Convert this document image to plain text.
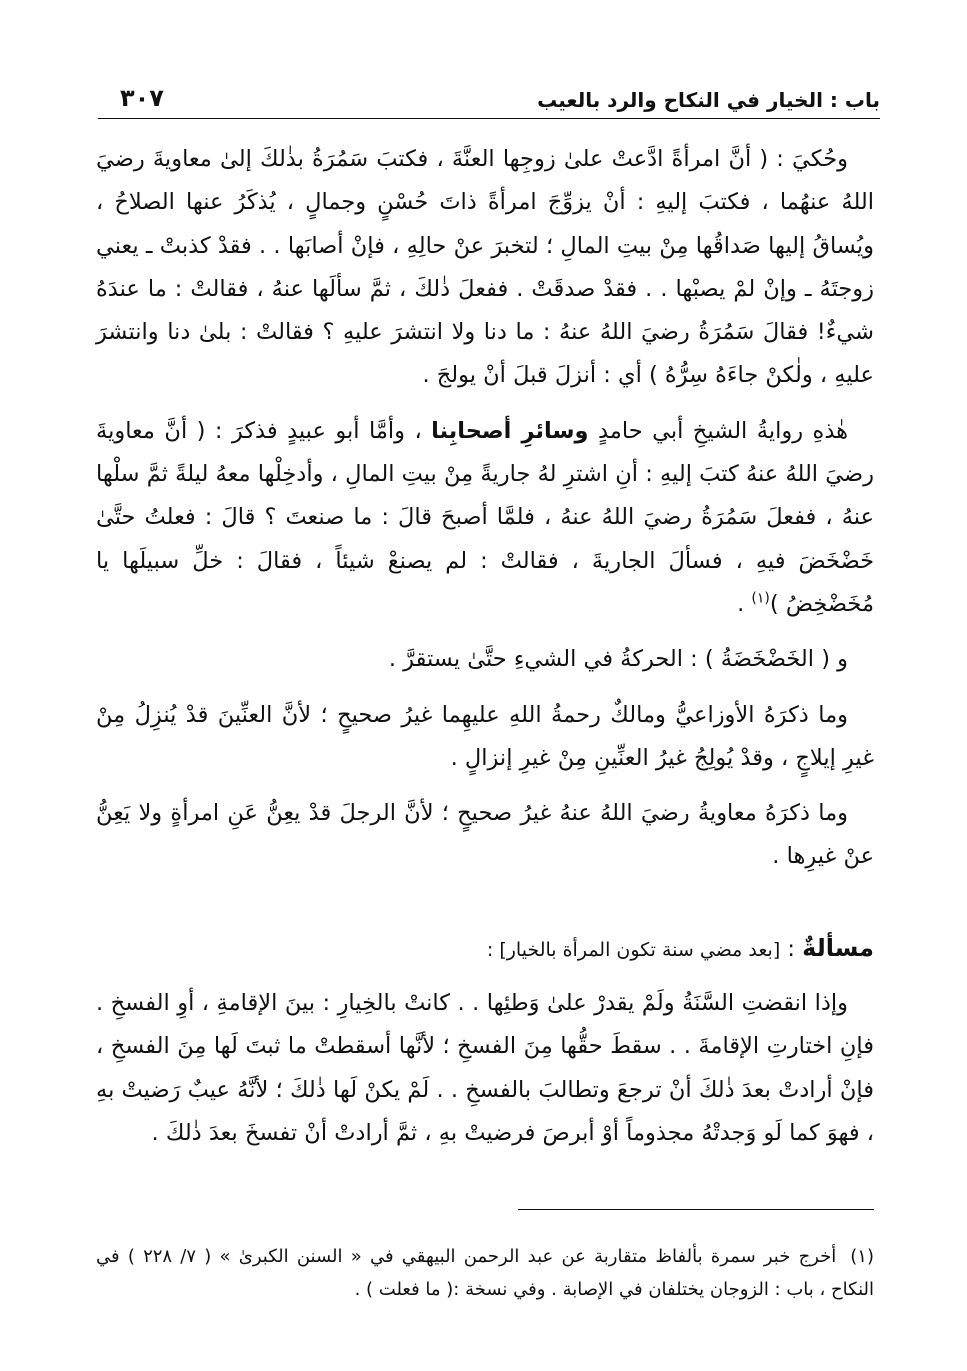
باب : الخيار في النكاح والرد بالعيب
٣٠٧

وحُكيَ : ( أنَّ امرأةً ادَّعتْ علىٰ زوجِها العنَّةَ ، فكتبَ سَمُرَةُ بذٰلكَ إلىٰ معاويةَ رضيَ اللهُ عنهُما ، فكتبَ إليهِ : أنْ يزوِّجَ امرأةً ذاتَ حُسْنٍ وجمالٍ ، يُذكَرُ عنها الصلاحُ ، ويُساقُ إليها صَداقُها مِنْ بيتِ المالِ ؛ لتخبرَ عنْ حالِهِ ، فإنْ أصابَها . . فقدْ كذبتْ ـ يعني زوجتَهُ ـ وإنْ لمْ يصبْها . . فقدْ صدقَتْ . ففعلَ ذٰلكَ ، ثمَّ سألَها عنهُ ، فقالتْ : ما عندَهُ شيءٌ! فقالَ سَمُرَةُ رضيَ اللهُ عنهُ : ما دنا ولا انتشرَ عليهِ ؟ فقالتْ : بلىٰ دنا وانتشرَ عليهِ ، ولٰكنْ جاءَهُ سِرُّهُ ) أي : أنزلَ قبلَ أنْ يولجَ .

هٰذهِ روايةُ الشيخِ أبي حامدٍ وسائرِ أصحابِنا ، وأمَّا أبو عبيدٍ فذكرَ : ( أنَّ معاويةَ رضيَ اللهُ عنهُ كتبَ إليهِ : أنِ اشترِ لهُ جاريةً مِنْ بيتِ المالِ ، وأدخِلْها معهُ ليلةً ثمَّ سلْها عنهُ ، ففعلَ سَمُرَةُ رضيَ اللهُ عنهُ ، فلمَّا أصبحَ قالَ : ما صنعتَ ؟ قالَ : فعلتُ حتَّىٰ خَضْخَضَ فيهِ ، فسألَ الجاريةَ ، فقالتْ : لم يصنعْ شيئاً ، فقالَ : خلِّ سبيلَها يا مُخَضْخِضُ )$^{(١)}$ .

و ( الخَضْخَضَةُ ) : الحركةُ في الشيءِ حتَّىٰ يستقرَّ .

وما ذكرَهُ الأوزاعيُّ ومالكٌ رحمةُ اللهِ عليهِما غيرُ صحيحٍ ؛ لأنَّ العنِّينَ قدْ يُنزِلُ مِنْ غيرِ إيلاجٍ ، وقدْ يُولِجُ غيرُ العنِّينِ مِنْ غيرِ إنزالٍ .

وما ذكرَهُ معاويةُ رضيَ اللهُ عنهُ غيرُ صحيحٍ ؛ لأنَّ الرجلَ قدْ يعِنُّ عَنِ امرأةٍ ولا يَعِنُّ عنْ غيرِها .

مسألةٌ : [بعد مضي سنة تكون المرأة بالخيار] :

وإذا انقضتِ السَّنَةُ ولَمْ يقدرْ علىٰ وَطئِها . . كانتْ بالخِيارِ : بينَ الإقامةِ ، أوِ الفسخِ . فإنِ اختارتِ الإقامةَ . . سقطَ حقُّها مِنَ الفسخِ ؛ لأنَّها أسقطتْ ما ثبتَ لَها مِنَ الفسخِ ، فإنْ أرادتْ بعدَ ذٰلكَ أنْ ترجعَ وتطالبَ بالفسخِ . . لَمْ يكنْ لَها ذٰلكَ ؛ لأنَّهُ عيبٌ رَضيتْ بهِ ، فهوَ كما لَو وَجدتْهُ مجذوماً أوْ أبرصَ فرضيتْ بهِ ، ثمَّ أرادتْ أنْ تفسخَ بعدَ ذٰلكَ .

(١)أخرج خبر سمرة بألفاظ متقاربة عن عبد الرحمن البيهقي في « السنن الكبرىٰ » ( ٧/ ٢٢٨ ) في النكاح ، باب : الزوجان يختلفان في الإصابة . وفي نسخة :( ما فعلت ) .
